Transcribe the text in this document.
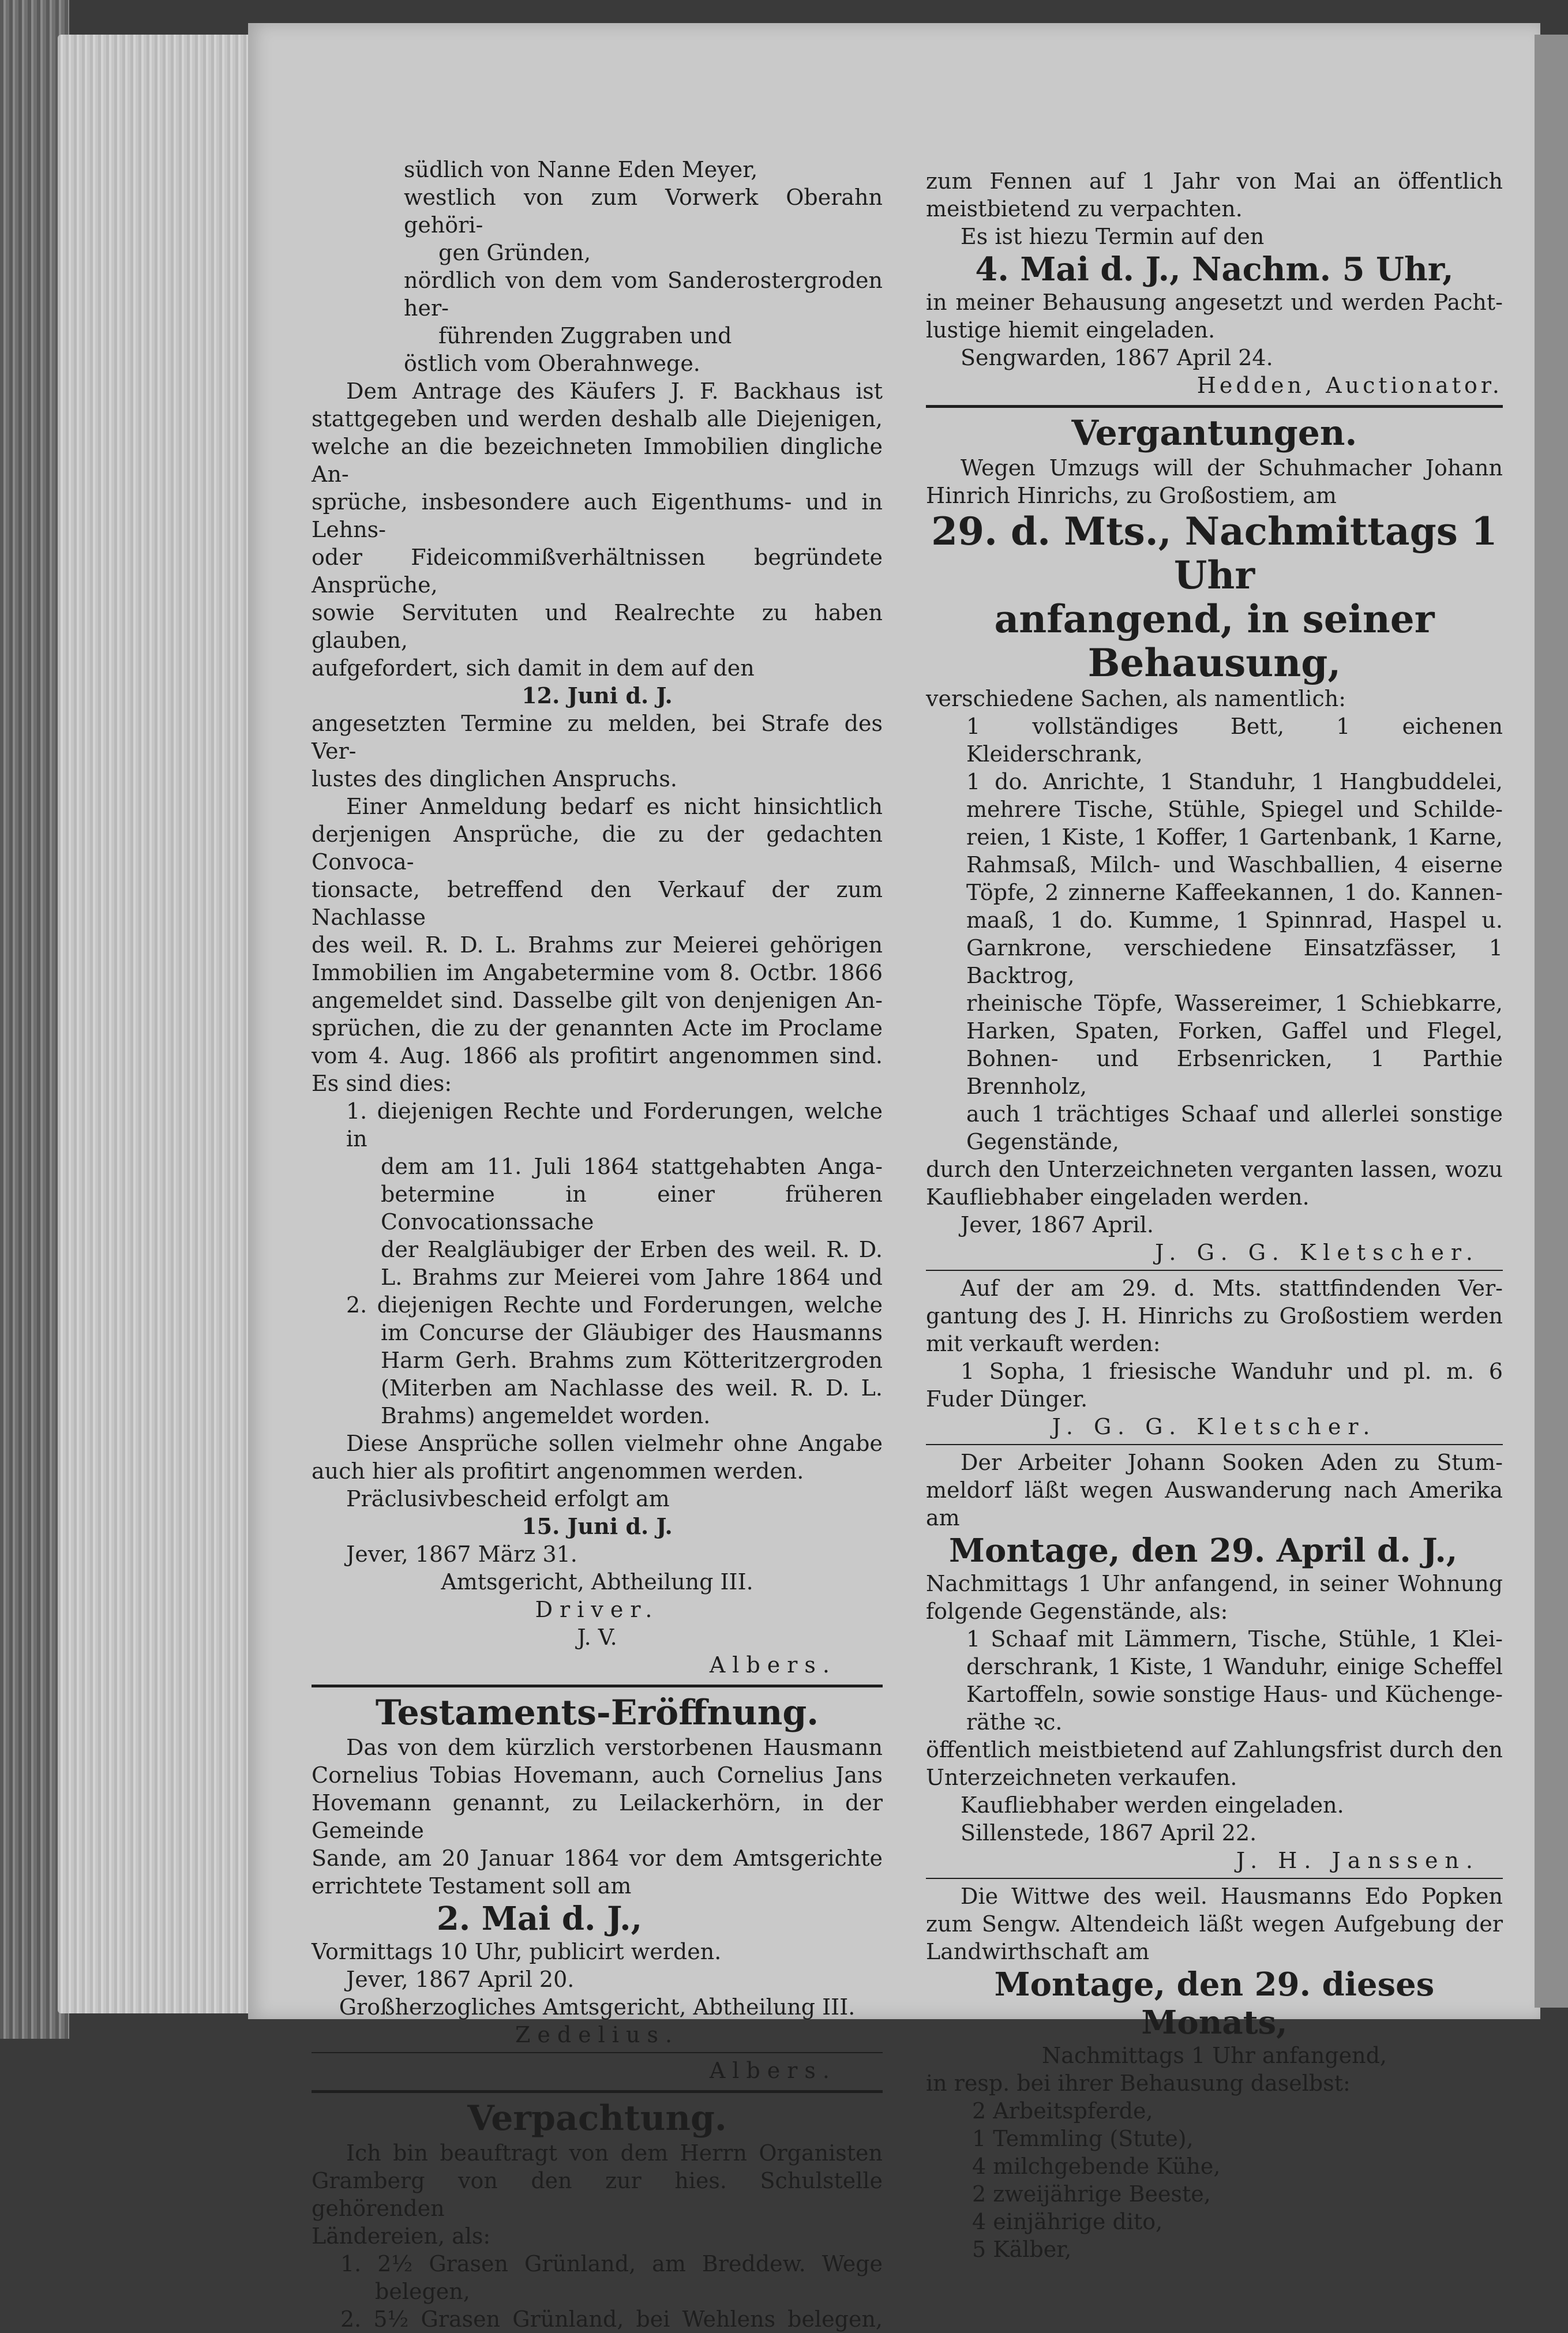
südlich von Nanne Eden Meyer,

westlich von zum Vorwerk Oberahn gehöri-

gen Gründen,

nördlich von dem vom Sanderostergroden her-

führenden Zuggraben und

östlich vom Oberahnwege.

Dem Antrage des Käufers J. F. Backhaus ist

stattgegeben und werden deshalb alle Diejenigen,

welche an die bezeichneten Immobilien dingliche An-

sprüche, insbesondere auch Eigenthums- und in Lehns-

oder Fideicommißverhältnissen begründete Ansprüche,

sowie Servituten und Realrechte zu haben glauben,

aufgefordert, sich damit in dem auf den

12. Juni d. J.

angesetzten Termine zu melden, bei Strafe des Ver-

lustes des dinglichen Anspruchs.

Einer Anmeldung bedarf es nicht hinsichtlich

derjenigen Ansprüche, die zu der gedachten Convoca-

tionsacte, betreffend den Verkauf der zum Nachlasse

des weil. R. D. L. Brahms zur Meierei gehörigen

Immobilien im Angabetermine vom 8. Octbr. 1866

angemeldet sind. Dasselbe gilt von denjenigen An-

sprüchen, die zu der genannten Acte im Proclame

vom 4. Aug. 1866 als profitirt angenommen sind.

Es sind dies:

1. diejenigen Rechte und Forderungen, welche in

dem am 11. Juli 1864 stattgehabten Anga-

betermine in einer früheren Convocationssache

der Realgläubiger der Erben des weil. R. D.

L. Brahms zur Meierei vom Jahre 1864 und

2. diejenigen Rechte und Forderungen, welche

im Concurse der Gläubiger des Hausmanns

Harm Gerh. Brahms zum Kötteritzergroden

(Miterben am Nachlasse des weil. R. D. L.

Brahms) angemeldet worden.

Diese Ansprüche sollen vielmehr ohne Angabe

auch hier als profitirt angenommen werden.

Präclusivbescheid erfolgt am

15. Juni d. J.

Jever, 1867 März 31.

Amtsgericht, Abtheilung III.

Driver.

J. V.

Albers.

Testaments-Eröffnung.

Das von dem kürzlich verstorbenen Hausmann

Cornelius Tobias Hovemann, auch Cornelius Jans

Hovemann genannt, zu Leilackerhörn, in der Gemeinde

Sande, am 20 Januar 1864 vor dem Amtsgerichte

errichtete Testament soll am

2. Mai d. J.,

Vormittags 10 Uhr, publicirt werden.

Jever, 1867 April 20.

Großherzogliches Amtsgericht, Abtheilung III.

Zedelius.

Albers.

Verpachtung.

Ich bin beauftragt von dem Herrn Organisten

Gramberg von den zur hies. Schulstelle gehörenden

Ländereien, als:

1. 2½ Grasen Grünland, am Breddew. Wege

belegen,

2. 5½ Grasen Grünland, bei Wehlens belegen,

zum Fennen auf 1 Jahr von Mai an öffentlich

meistbietend zu verpachten.

Es ist hiezu Termin auf den

4. Mai d. J., Nachm. 5 Uhr,

in meiner Behausung angesetzt und werden Pacht-

lustige hiemit eingeladen.

Sengwarden, 1867 April 24.

Hedden, Auctionator.

Vergantungen.

Wegen Umzugs will der Schuhmacher Johann

Hinrich Hinrichs, zu Großostiem, am

29. d. Mts., Nachmittags 1 Uhr

anfangend, in seiner Behausung,

verschiedene Sachen, als namentlich:

1 vollständiges Bett, 1 eichenen Kleiderschrank,

1 do. Anrichte, 1 Standuhr, 1 Hangbuddelei,

mehrere Tische, Stühle, Spiegel und Schilde-

reien, 1 Kiste, 1 Koffer, 1 Gartenbank, 1 Karne,

Rahmsaß, Milch- und Waschballien, 4 eiserne

Töpfe, 2 zinnerne Kaffeekannen, 1 do. Kannen-

maaß, 1 do. Kumme, 1 Spinnrad, Haspel u.

Garnkrone, verschiedene Einsatzfässer, 1 Backtrog,

rheinische Töpfe, Wassereimer, 1 Schiebkarre,

Harken, Spaten, Forken, Gaffel und Flegel,

Bohnen- und Erbsenricken, 1 Parthie Brennholz,

auch 1 trächtiges Schaaf und allerlei sonstige

Gegenstände,

durch den Unterzeichneten verganten lassen, wozu

Kaufliebhaber eingeladen werden.

Jever, 1867 April.

J. G. G. Kletscher.

Auf der am 29. d. Mts. stattfindenden Ver-

gantung des J. H. Hinrichs zu Großostiem werden

mit verkauft werden:

1 Sopha, 1 friesische Wanduhr und pl. m. 6

Fuder Dünger.

J. G. G. Kletscher.

Der Arbeiter Johann Sooken Aden zu Stum-

meldorf läßt wegen Auswanderung nach Amerika am

Montage, den 29. April d. J.,

Nachmittags 1 Uhr anfangend, in seiner Wohnung

folgende Gegenstände, als:

1 Schaaf mit Lämmern, Tische, Stühle, 1 Klei-

derschrank, 1 Kiste, 1 Wanduhr, einige Scheffel

Kartoffeln, sowie sonstige Haus- und Küchenge-

räthe ꝛc.

öffentlich meistbietend auf Zahlungsfrist durch den

Unterzeichneten verkaufen.

Kaufliebhaber werden eingeladen.

Sillenstede, 1867 April 22.

J. H. Janssen.

Die Wittwe des weil. Hausmanns Edo Popken

zum Sengw. Altendeich läßt wegen Aufgebung der

Landwirthschaft am

Montage, den 29. dieses Monats,

Nachmittags 1 Uhr anfangend,

in resp. bei ihrer Behausung daselbst:

2 Arbeitspferde,

1 Temmling (Stute),

4 milchgebende Kühe,

2 zweijährige Beeste,

4 einjährige dito,

5 Kälber,
